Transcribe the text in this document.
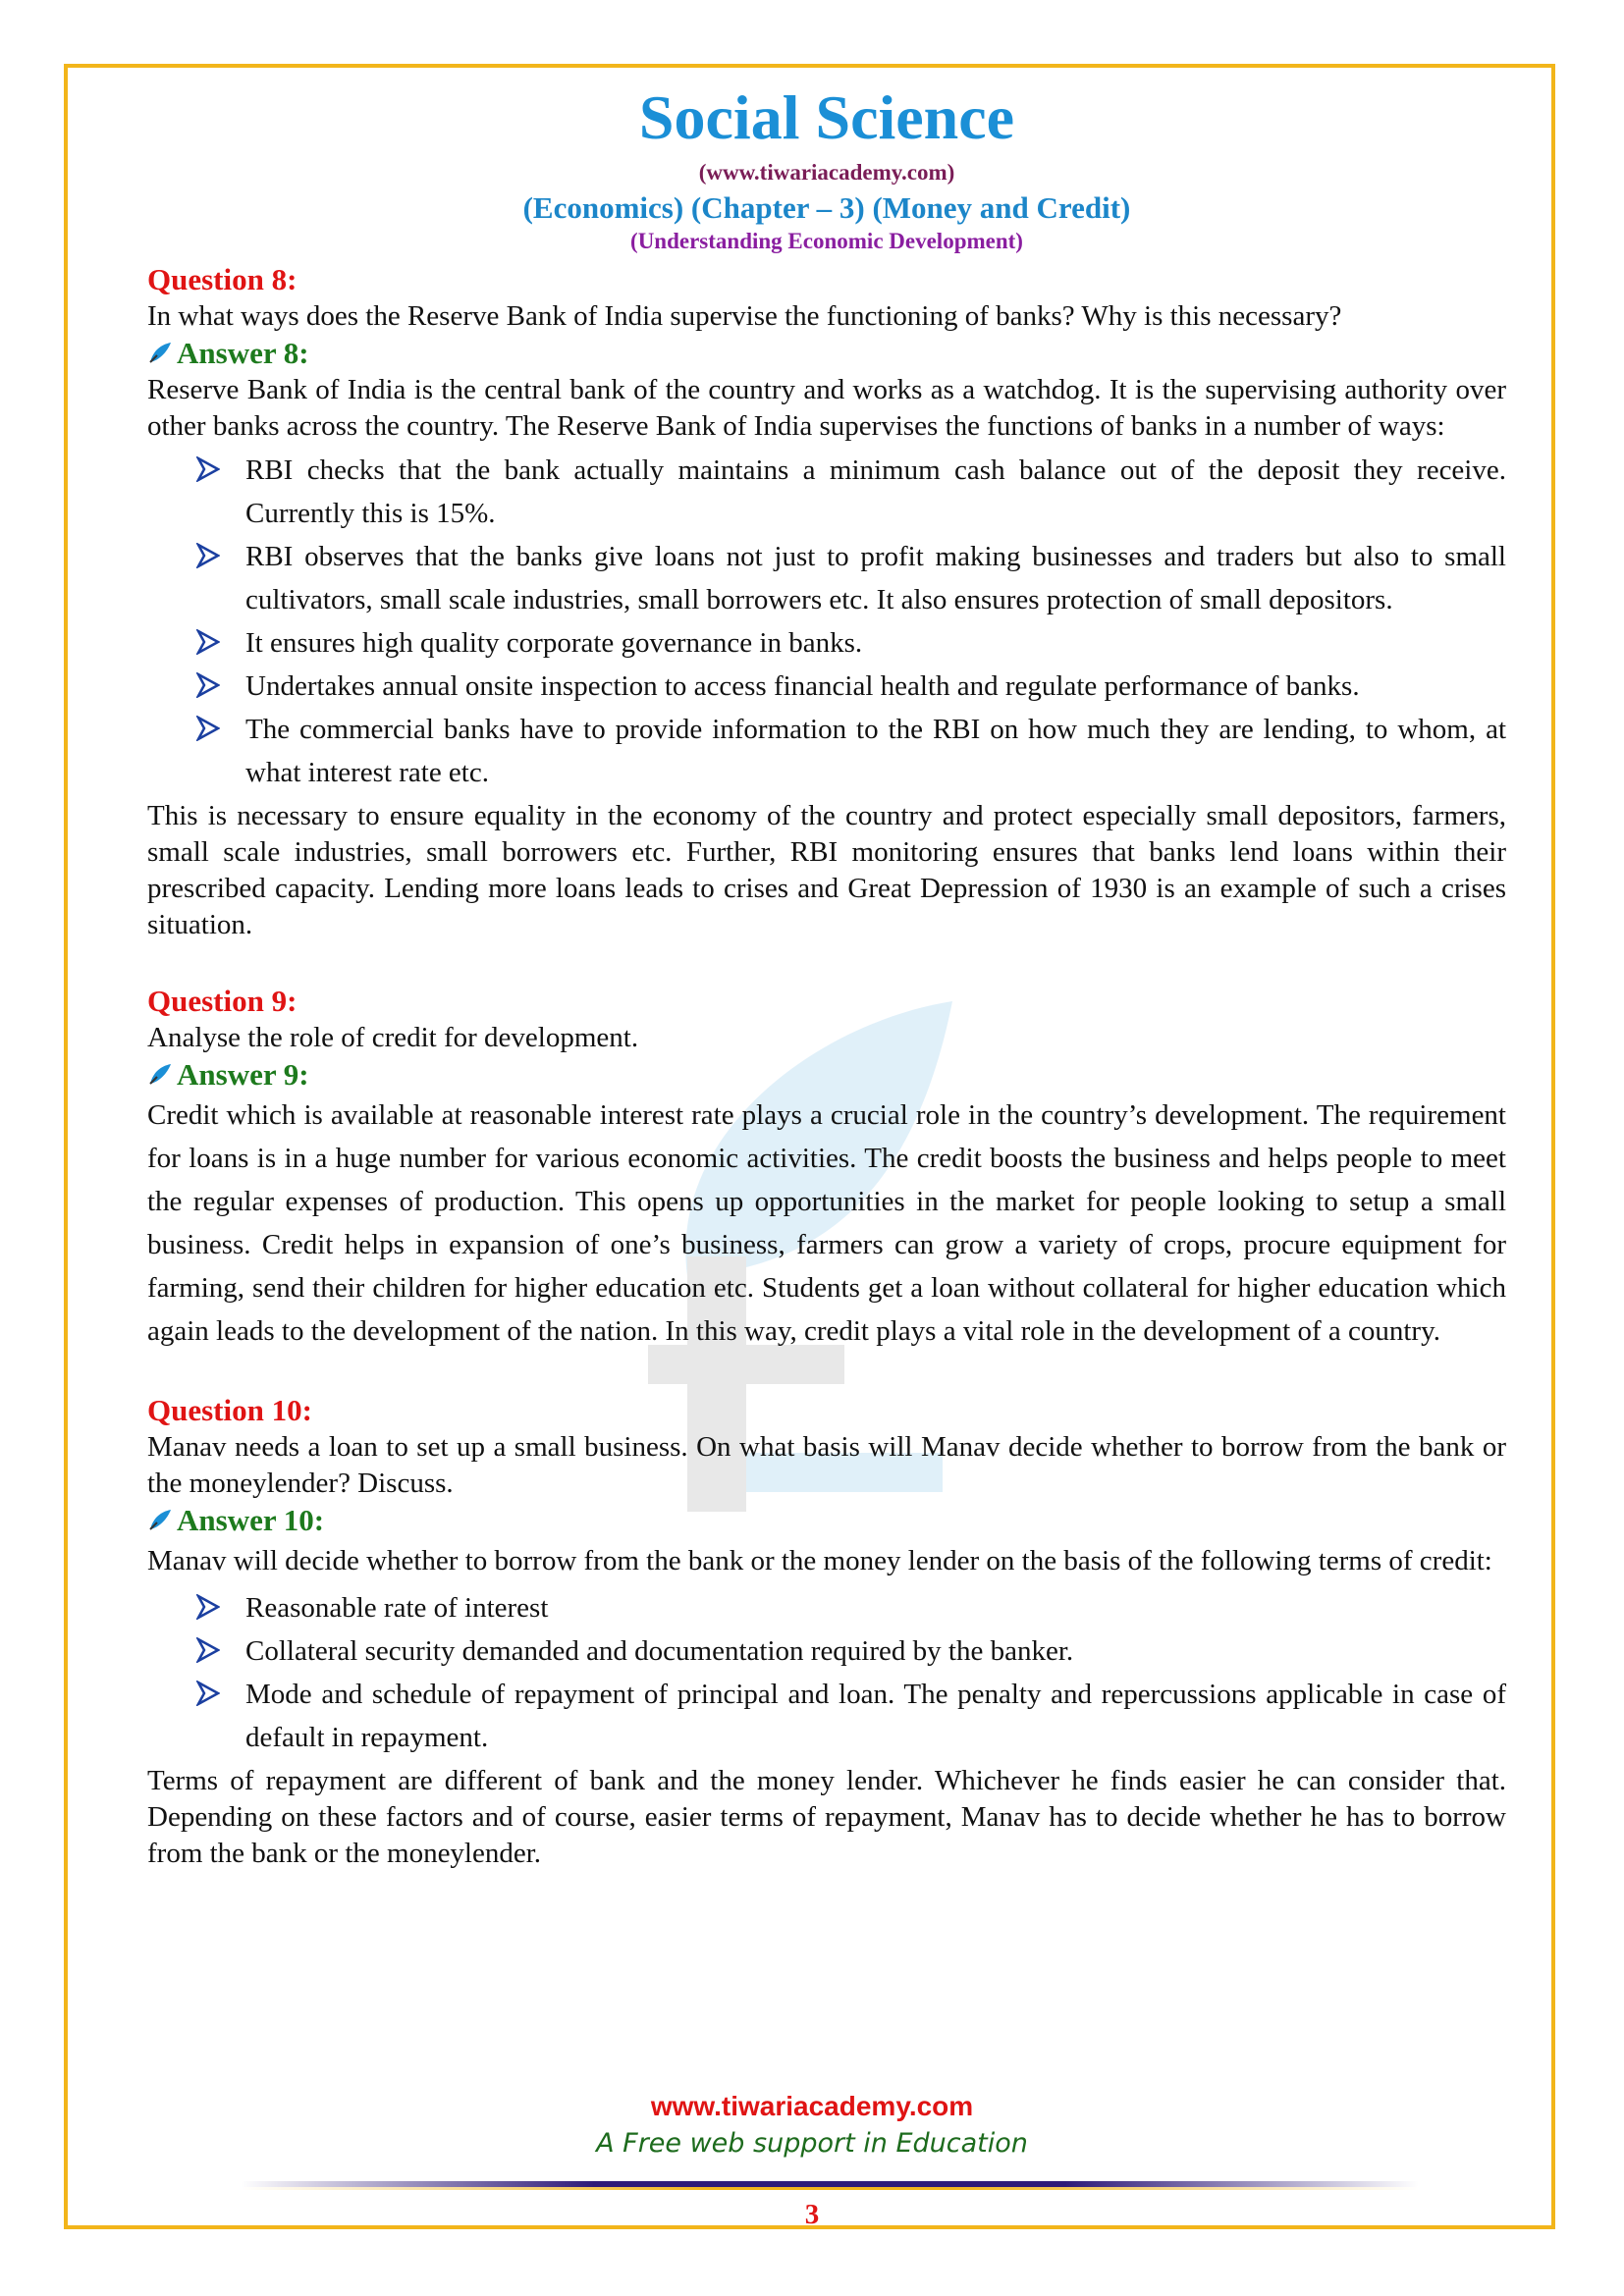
Social Science
(www.tiwariacademy.com)
(Economics) (Chapter – 3) (Money and Credit)
(Understanding Economic Development)
Question 8:

In what ways does the Reserve Bank of India supervise the functioning of banks? Why is this necessary?

Answer 8:

Reserve Bank of India is the central bank of the country and works as a watchdog. It is the supervising authority over other banks across the country. The Reserve Bank of India supervises the functions of banks in a number of ways:

RBI checks that the bank actually maintains a minimum cash balance out of the deposit they receive. Currently this is 15%.
RBI observes that the banks give loans not just to profit making businesses and traders but also to small cultivators, small scale industries, small borrowers etc. It also ensures protection of small depositors.
It ensures high quality corporate governance in banks.
Undertakes annual onsite inspection to access financial health and regulate performance of banks.
The commercial banks have to provide information to the RBI on how much they are lending, to whom, at what interest rate etc.

This is necessary to ensure equality in the economy of the country and protect especially small depositors, farmers, small scale industries, small borrowers etc. Further, RBI monitoring ensures that banks lend loans within their prescribed capacity. Lending more loans leads to crises and Great Depression of 1930 is an example of such a crises situation.

Question 9:

Analyse the role of credit for development.

Answer 9:

Credit which is available at reasonable interest rate plays a crucial role in the country’s development. The requirement for loans is in a huge number for various economic activities. The credit boosts the business and helps people to meet the regular expenses of production. This opens up opportunities in the market for people looking to setup a small business. Credit helps in expansion of one’s business, farmers can grow a variety of crops, procure equipment for farming, send their children for higher education etc. Students get a loan without collateral for higher education which again leads to the development of the nation. In this way, credit plays a vital role in the development of a country.

Question 10:

Manav needs a loan to set up a small business. On what basis will Manav decide whether to borrow from the bank or the moneylender? Discuss.

Answer 10:

Manav will decide whether to borrow from the bank or the money lender on the basis of the following terms of credit:

Reasonable rate of interest
Collateral security demanded and documentation required by the banker.
Mode and schedule of repayment of principal and loan. The penalty and repercussions applicable in case of default in repayment.

Terms of repayment are different of bank and the money lender. Whichever he finds easier he can consider that. Depending on these factors and of course, easier terms of repayment, Manav has to decide whether he has to borrow from the bank or the moneylender.

www.tiwariacademy.com
A Free web support in Education
3
